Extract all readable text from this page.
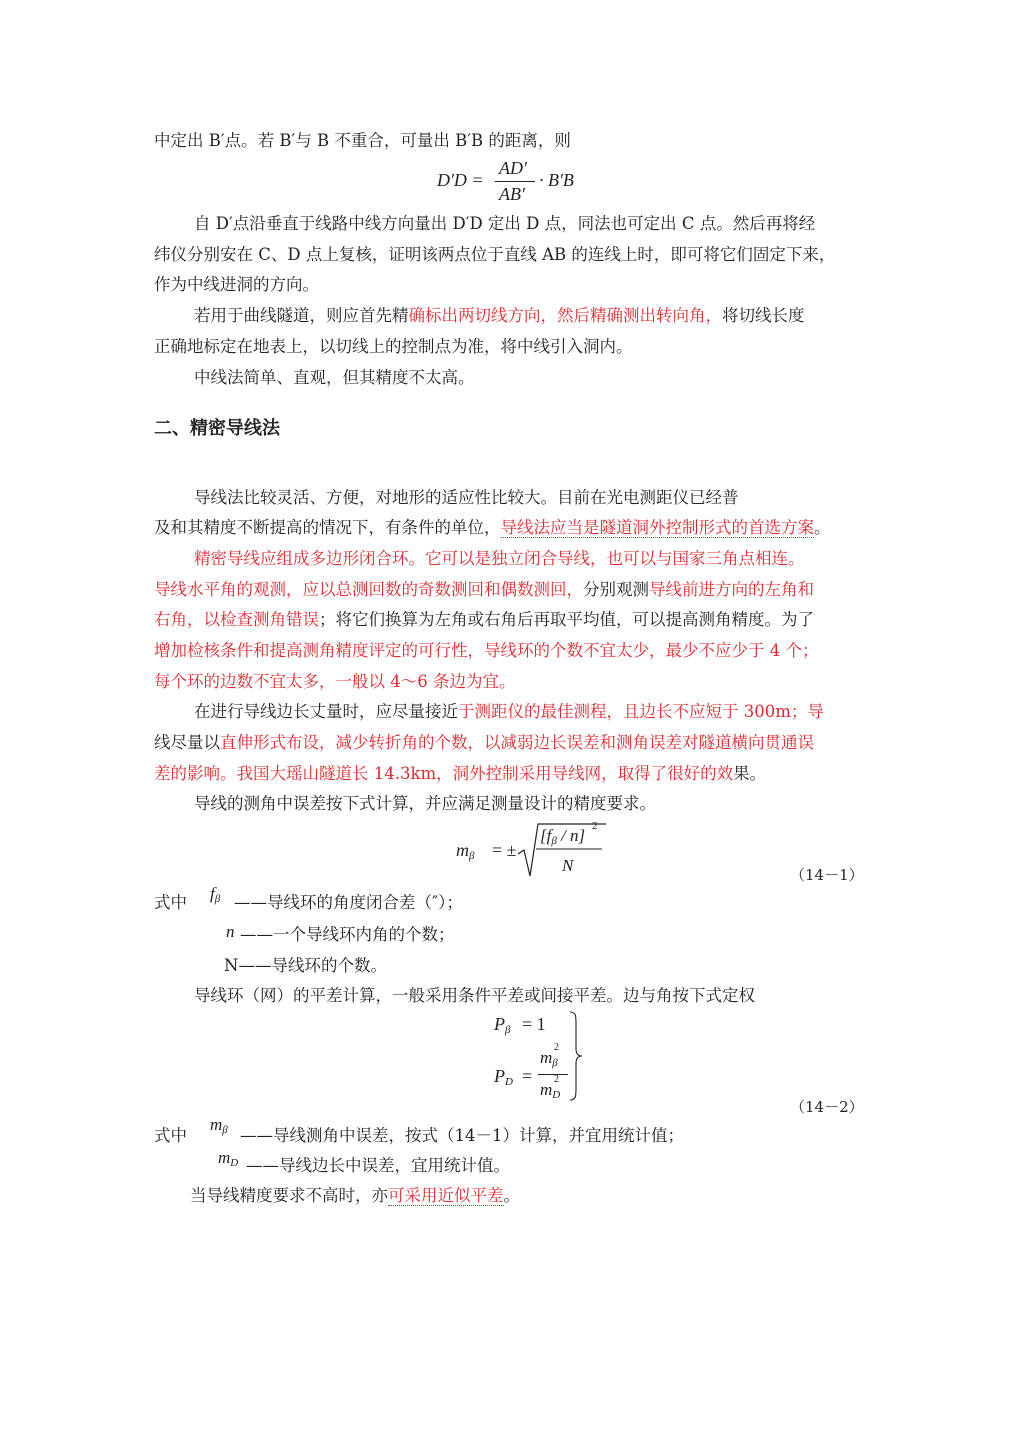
中定出 B′点。若 B′与 B 不重合，可量出 B′B 的距离，则
D′D =
AD′
AB′
· B′B
自 D′点沿垂直于线路中线方向量出 D′D 定出 D 点，同法也可定出 C 点。然后再将经
纬仪分别安在 C、D 点上复核，证明该两点位于直线 AB 的连线上时，即可将它们固定下来，
作为中线进洞的方向。
若用于曲线隧道，则应首先精确标出两切线方向，然后精确测出转向角，将切线长度
正确地标定在地表上，以切线上的控制点为准，将中线引入洞内。
中线法简单、直观，但其精度不太高。
二、精密导线法
导线法比较灵活、方便，对地形的适应性比较大。目前在光电测距仪已经普
及和其精度不断提高的情况下，有条件的单位，导线法应当是隧道洞外控制形式的首选方案。
精密导线应组成多边形闭合环。它可以是独立闭合导线，也可以与国家三角点相连。
导线水平角的观测，应以总测回数的奇数测回和偶数测回，分别观测导线前进方向的左角和
右角，以检查测角错误；将它们换算为左角或右角后再取平均值，可以提高测角精度。为了
增加检核条件和提高测角精度评定的可行性，导线环的个数不宜太少，最少不应少于 4 个；
每个环的边数不宜太多，一般以 4～6 条边为宜。
在进行导线边长丈量时，应尽量接近于测距仪的最佳测程，且边长不应短于 300m；导
线尽量以直伸形式布设，减少转折角的个数，以减弱边长误差和测角误差对隧道横向贯通误
差的影响。我国大瑶山隧道长 14.3km，洞外控制采用导线网，取得了很好的效果。
导线的测角中误差按下式计算，并应满足测量设计的精度要求。
$m_\beta$ = ±
$[f_\beta / n]$ 2
N	（14－1）
式中 $f_\beta$ ——导线环的角度闭合差（″）；
n ——一个导线环内角的个数；
N——导线环的个数。
导线环（网）的平差计算，一般采用条件平差或间接平差。边与角按下式定权
$P_\beta = 1$
$P_D$ =
$m_\beta$
2
$m_D$
2
（14－2）
式中
$m_\beta$ ——导线测角中误差，按式（14－1）计算，并宜用统计值；
$m_D$ ——导线边长中误差，宜用统计值。
当导线精度要求不高时，亦可采用近似平差。
